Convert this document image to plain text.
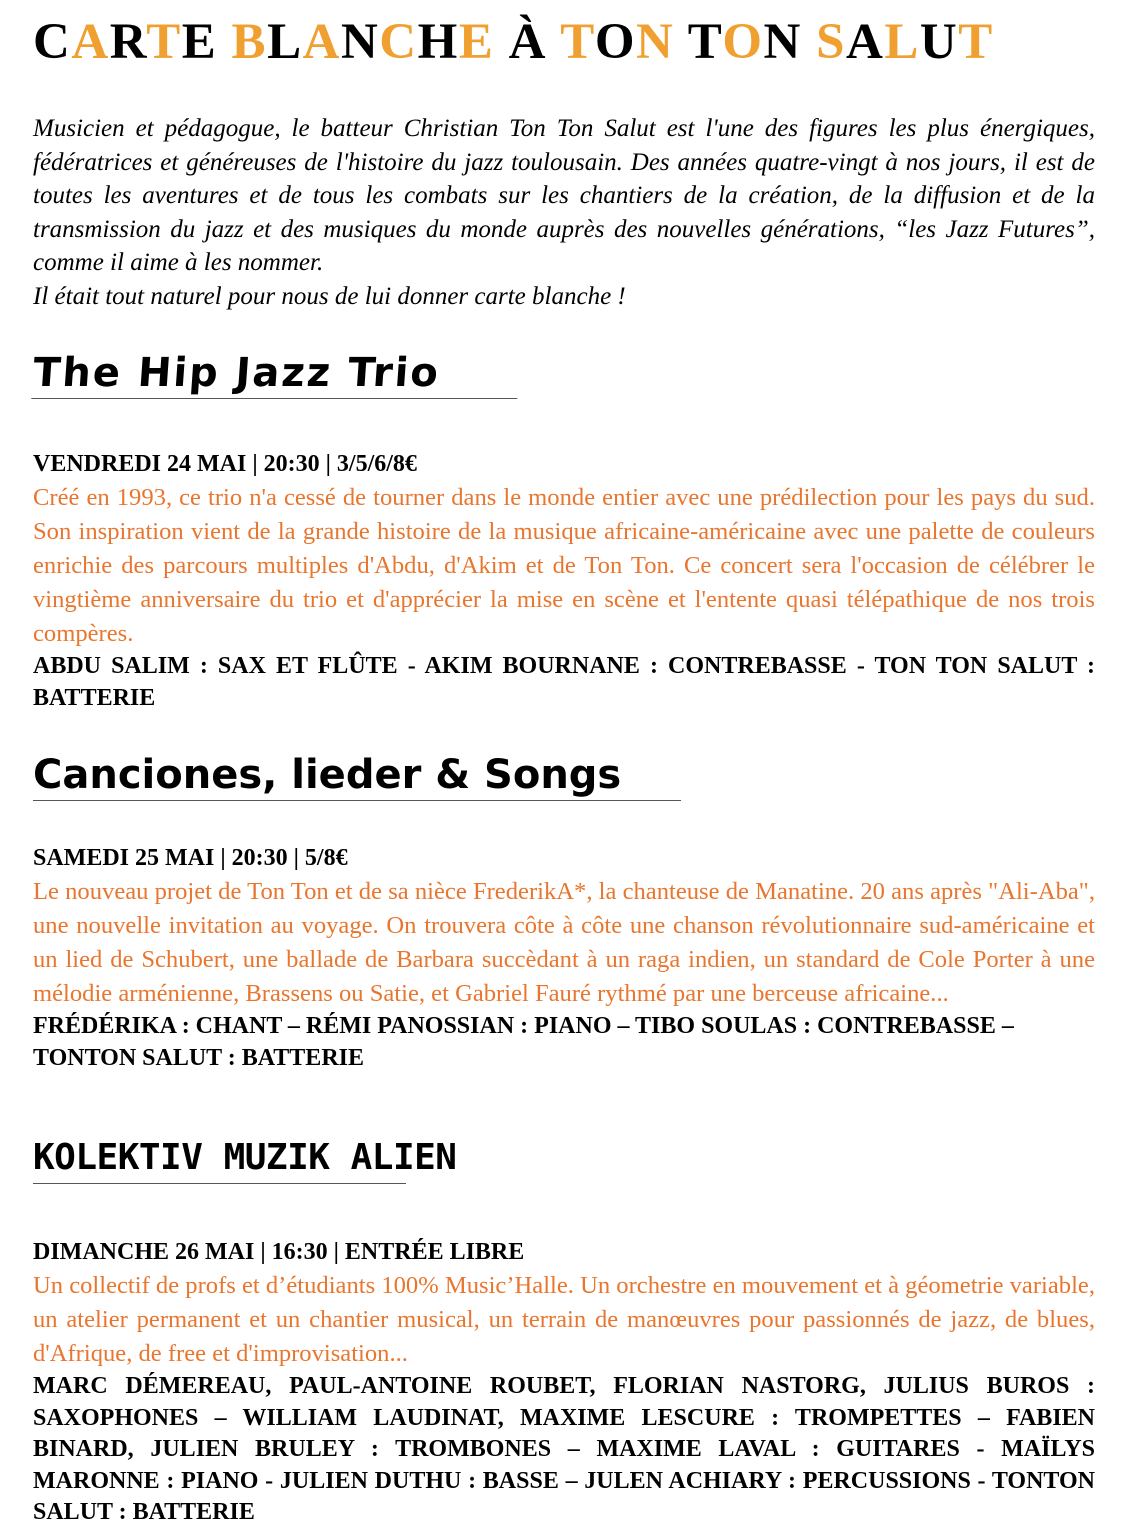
CARTE BLANCHE À TON TON SALUT

Musicien et pédagogue, le batteur Christian Ton Ton Salut est l'une des figures les plus énergiques, fédératrices et généreuses de l'histoire du jazz toulousain. Des années quatre-vingt à nos jours, il est de toutes les aventures et de tous les combats sur les chantiers de la création, de la diffusion et de la transmission du jazz et des musiques du monde auprès des nouvelles générations, “les Jazz Futures”, comme il aime à les nommer.

Il était tout naturel pour nous de lui donner carte blanche !

The Hip Jazz Trio

VENDREDI 24 MAI | 20:30 | 3/5/6/8€

Créé en 1993, ce trio n'a cessé de tourner dans le monde entier avec une prédilection pour les pays du sud. Son inspiration vient de la grande histoire de la musique africaine-américaine avec une palette de couleurs enrichie des parcours multiples d'Abdu, d'Akim et de Ton Ton. Ce concert sera l'occasion de célébrer le vingtième anniversaire du trio et d'apprécier la mise en scène et l'entente quasi télépathique de nos trois compères.

ABDU SALIM : SAX ET FLÛTE - AKIM BOURNANE : CONTREBASSE - TON TON SALUT : BATTERIE

Canciones, lieder & Songs

SAMEDI 25 MAI | 20:30 | 5/8€

Le nouveau projet de Ton Ton et de sa nièce FrederikA*, la chanteuse de Manatine. 20 ans après "Ali-Aba", une nouvelle invitation au voyage. On trouvera côte à côte une chanson révolutionnaire sud-américaine et un lied de Schubert, une ballade de Barbara succèdant à un raga indien, un standard de Cole Porter à une mélodie arménienne, Brassens ou Satie, et Gabriel Fauré rythmé par une berceuse africaine...

FRÉDÉRIKA : CHANT – RÉMI PANOSSIAN : PIANO – TIBO SOULAS : CONTREBASSE – TONTON SALUT : BATTERIE

KOLEKTIV MUZIK ALIEN

DIMANCHE 26 MAI | 16:30 | ENTRÉE LIBRE

Un collectif de profs et d’étudiants 100% Music’Halle. Un orchestre en mouvement et à géometrie variable, un atelier permanent et un chantier musical, un terrain de manœuvres pour passionnés de jazz, de blues, d'Afrique, de free et d'improvisation...

MARC DÉMEREAU, PAUL-ANTOINE ROUBET, FLORIAN NASTORG, JULIUS BUROS : SAXOPHONES – WILLIAM LAUDINAT, MAXIME LESCURE : TROMPETTES – FABIEN BINARD, JULIEN BRULEY : TROMBONES – MAXIME LAVAL : GUITARES - MAÏLYS MARONNE : PIANO - JULIEN DUTHU : BASSE – JULEN ACHIARY : PERCUSSIONS - TONTON SALUT : BATTERIE
